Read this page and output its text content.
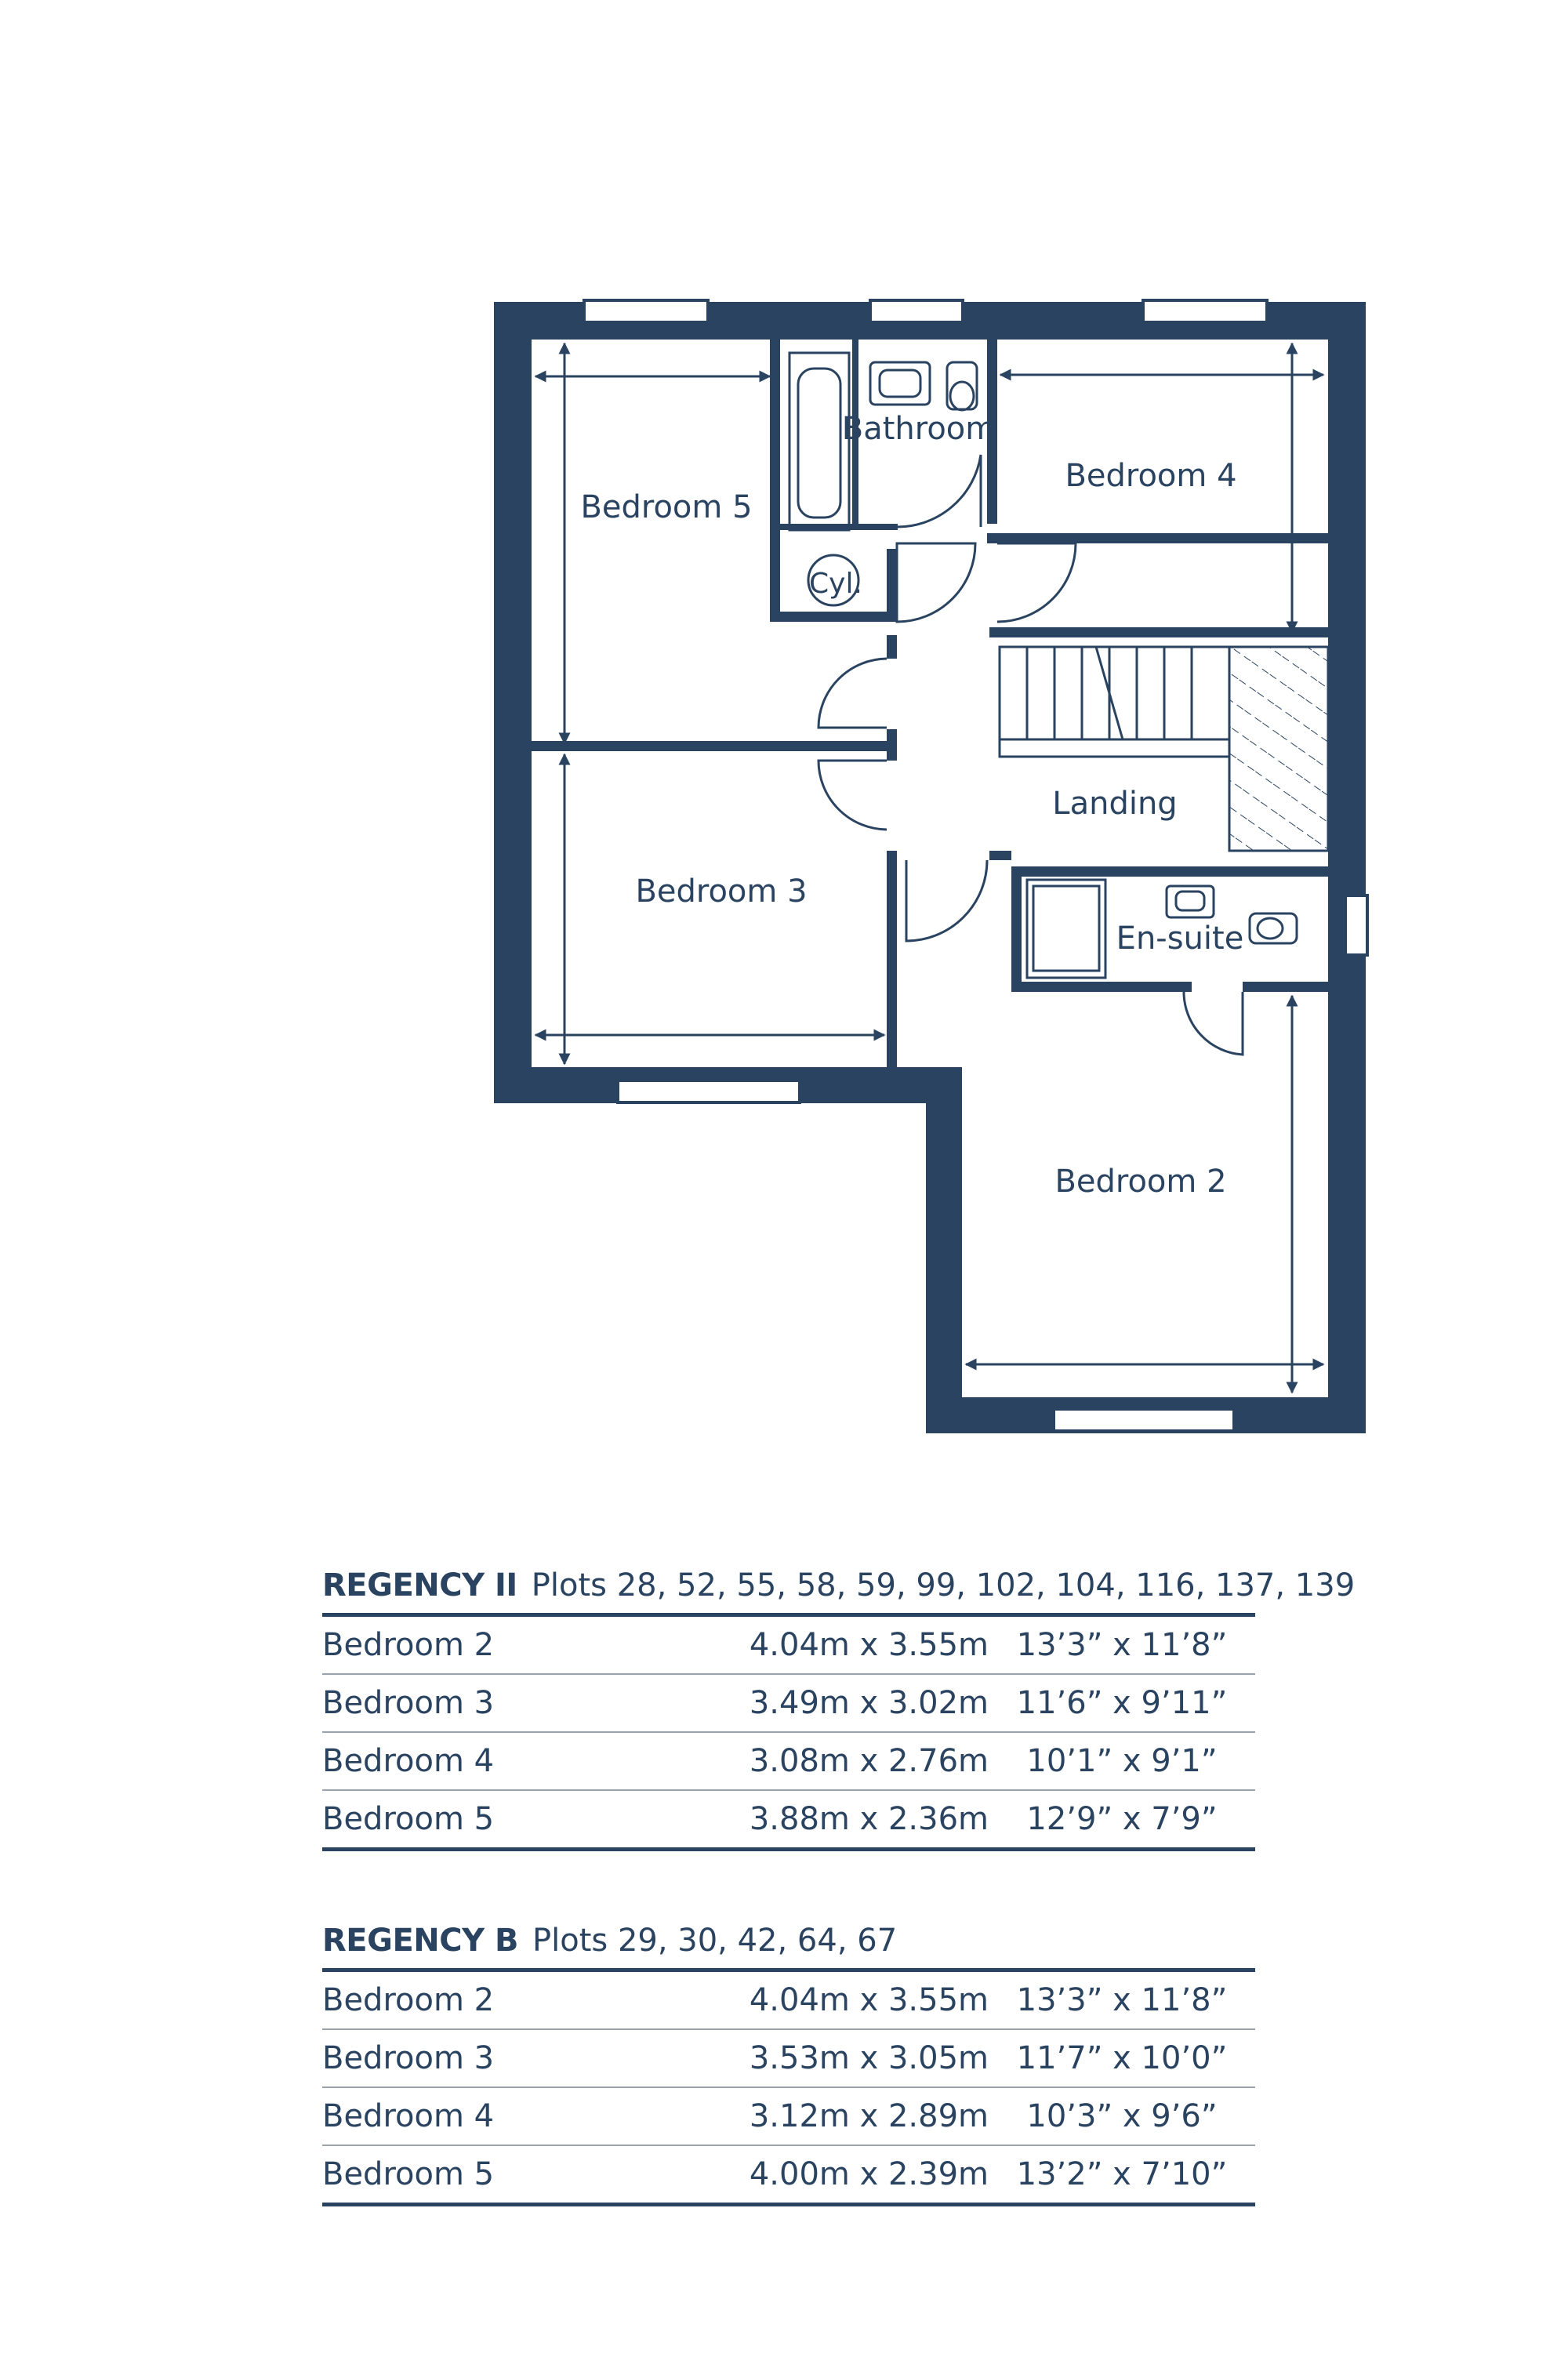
Bedroom 5
Bathroom
Bedroom 4
Cyl.
Landing
Bedroom 3
En-suite
Bedroom 2
REGENCY II Plots 28, 52, 55, 58, 59, 99, 102, 104, 116, 137, 139
Bedroom 2	4.04m x 3.55m 13’3” x 11’8”
Bedroom 3	3.49m x 3.02m 11’6” x 9’11”
Bedroom 4	3.08m x 2.76m	10’1” x 9’1”
Bedroom 5	3.88m x 2.36m	12’9” x 7’9”
REGENCY B Plots 29, 30, 42, 64, 67
Bedroom 2	4.04m x 3.55m 13’3” x 11’8”
Bedroom 3	3.53m x 3.05m 11’7” x 10’0”
Bedroom 4	3.12m x 2.89m	10’3” x 9’6”
Bedroom 5	4.00m x 2.39m 13’2” x 7’10”
